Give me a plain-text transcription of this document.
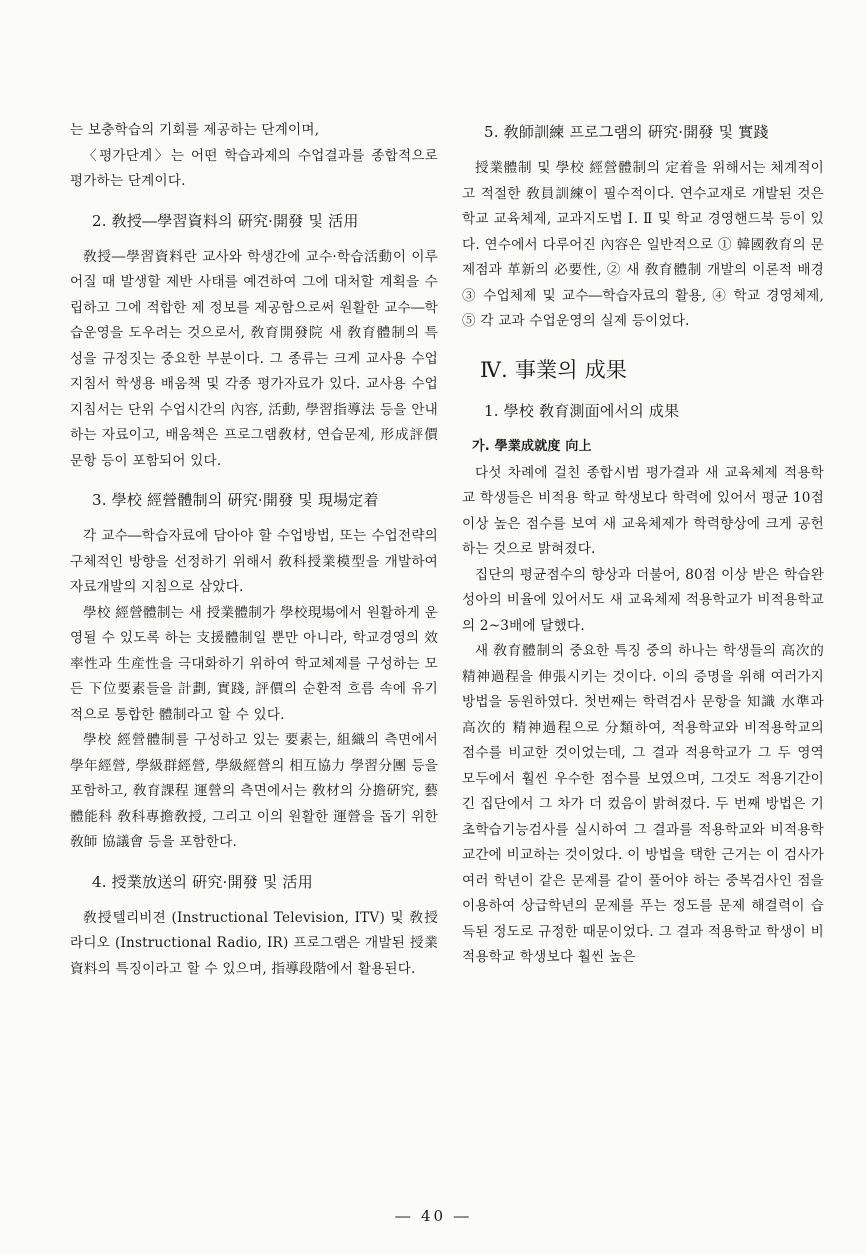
는 보충학습의 기회를 제공하는 단계이며,

〈평가단계〉는 어떤 학습과제의 수업결과를 종합적으로 평가하는 단계이다.

2. 敎授―學習資料의 硏究·開發 및 活用

敎授―學習資料란 교사와 학생간에 교수·학습活動이 이루어질 때 발생할 제반 사태를 예견하여 그에 대처할 계획을 수립하고 그에 적합한 제 정보를 제공함으로써 원활한 교수―학습운영을 도우려는 것으로서, 敎育開發院 새 敎育體制의 특성을 규정짓는 중요한 부분이다. 그 종류는 크게 교사용 수업지침서 학생용 배움책 및 각종 평가자료가 있다. 교사용 수업지침서는 단위 수업시간의 內容, 活動, 學習指導法 등을 안내하는 자료이고, 배움책은 프로그램敎材, 연습문제, 形成評價 문항 등이 포함되어 있다.

3. 學校 經營體制의 硏究·開發 및 現場定着

각 교수―학습자료에 담아야 할 수업방법, 또는 수업전략의 구체적인 방향을 선정하기 위해서 敎科授業模型을 개발하여 자료개발의 지침으로 삼았다.

學校 經營體制는 새 授業體制가 學校現場에서 원활하게 운영될 수 있도록 하는 支援體制일 뿐만 아니라, 학교경영의 效率性과 生産性을 극대화하기 위하여 학교체제를 구성하는 모든 下位要素들을 計劃, 實踐, 評價의 순환적 흐름 속에 유기적으로 통합한 體制라고 할 수 있다.

學校 經營體制를 구성하고 있는 要素는, 組織의 측면에서 學年經營, 學級群經營, 學級經營의 相互協力 學習分團 등을 포함하고, 敎育課程 運營의 측면에서는 敎材의 分擔硏究, 藝體能科 敎科專擔敎授, 그리고 이의 원활한 運營을 돕기 위한 敎師 協議會 등을 포함한다.

4. 授業放送의 硏究·開發 및 活用

敎授텔리비젼 (Instructional Television, ITV) 및 敎授라디오 (Instructional Radio, IR) 프로그램은 개발된 授業資料의 특징이라고 할 수 있으며, 指導段階에서 활용된다.

5. 敎師訓練 프로그램의 硏究·開發 및 實踐

授業體制 및 學校 經營體制의 定着을 위해서는 체계적이고 적절한 敎員訓練이 필수적이다. 연수교재로 개발된 것은 학교 교육체제, 교과지도법 Ⅰ. Ⅱ 및 학교 경영핸드북 등이 있다. 연수에서 다루어진 內容은 일반적으로 ① 韓國敎育의 문제점과 革新의 必要性, ② 새 敎育體制 개발의 이론적 배경 ③ 수업체제 및 교수―학습자료의 활용, ④ 학교 경영체제, ⑤ 각 교과 수업운영의 실제 등이었다.

Ⅳ. 事業의 成果
1. 學校 敎育測面에서의 成果
가. 學業成就度 向上

다섯 차례에 걸친 종합시범 평가결과 새 교육체제 적용학교 학생들은 비적용 학교 학생보다 학력에 있어서 평균 10점 이상 높은 점수를 보여 새 교육체제가 학력향상에 크게 공헌하는 것으로 밝혀졌다.

집단의 평균점수의 향상과 더불어, 80점 이상 받은 학습완성아의 비율에 있어서도 새 교육체제 적용학교가 비적용학교의 2~3배에 달했다.

새 敎育體制의 중요한 특징 중의 하나는 학생들의 高次的 精神過程을 伸張시키는 것이다. 이의 증명을 위해 여러가지 방법을 동원하였다. 첫번째는 학력검사 문항을 知識 水準과 高次的 精神過程으로 分類하여, 적용학교와 비적용학교의 점수를 비교한 것이었는데, 그 결과 적용학교가 그 두 영역 모두에서 훨씬 우수한 점수를 보였으며, 그것도 적용기간이 긴 집단에서 그 차가 더 컸음이 밝혀졌다. 두 번째 방법은 기초학습기능검사를 실시하여 그 결과를 적용학교와 비적용학교간에 비교하는 것이었다. 이 방법을 택한 근거는 이 검사가 여러 학년이 같은 문제를 같이 풀어야 하는 중복검사인 점을 이용하여 상급학년의 문제를 푸는 정도를 문제 해결력이 습득된 정도로 규정한 때문이었다. 그 결과 적용학교 학생이 비적용학교 학생보다 훨씬 높은

― 40 ―
